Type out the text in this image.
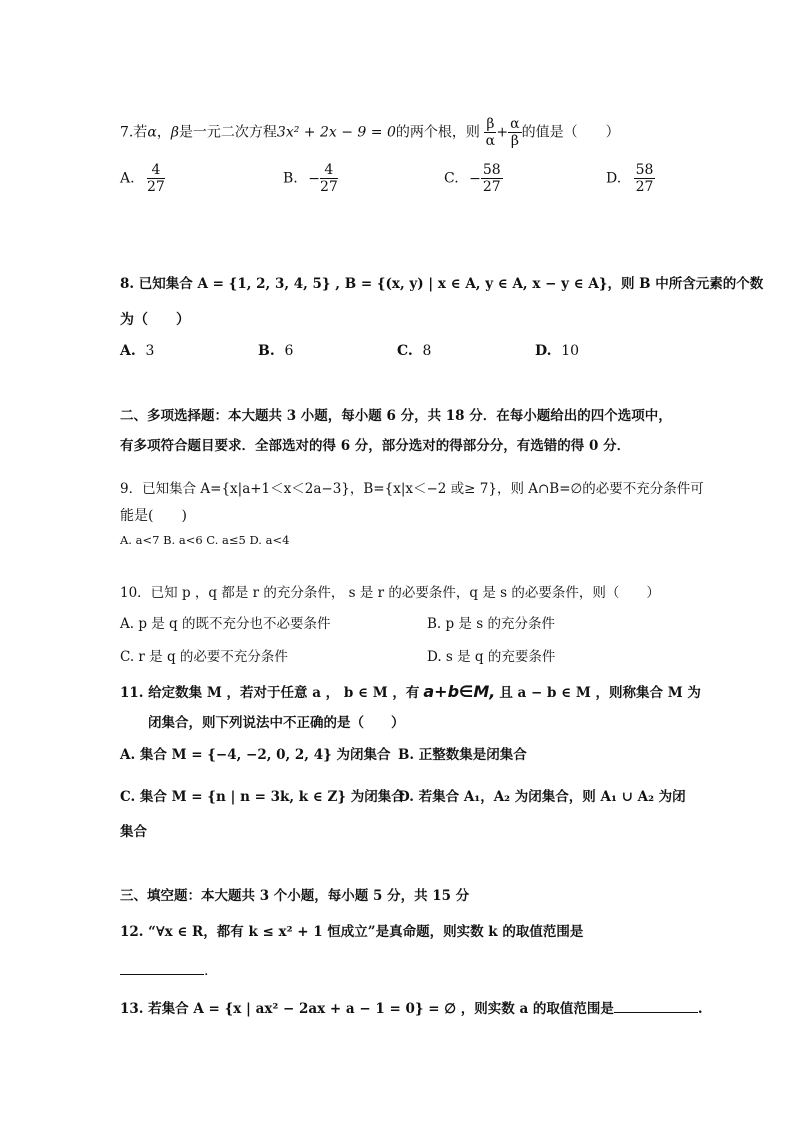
7.若α，β是一元二次方程3x² + 2x − 9 = 0的两个根，则 $\frac{\beta}{\alpha} + \frac{\alpha}{\beta}$ 的值是（　　）
A. $\frac{4}{27}$	B. − $\frac{4}{27}$	C. − $\frac{58}{27}$	D. $\frac{58}{27}$
8. 已知集合 A = {1, 2, 3, 4, 5} , B = {(x, y) | x ∈ A, y ∈ A, x − y ∈ A}，则 B 中所含元素的个数
为（　　）
A. 3	B. 6	C. 8	D. 10
二、多项选择题：本大题共 3 小题，每小题 6 分，共 18 分．在每小题给出的四个选项中，
有多项符合题目要求．全部选对的得 6 分，部分选对的得部分分，有选错的得 0 分．
9．已知集合 A={x|a+1＜x＜2a−3}，B={x|x＜−2 或≥ 7}，则 A∩B=∅的必要不充分条件可
能是(　　)
A. a<7 B. a<6 C. a≤5 D. a<4
10．已知 p ，q 都是 r 的充分条件， s 是 r 的必要条件，q 是 s 的必要条件，则（　　）
A. p 是 q 的既不充分也不必要条件	B. p 是 s 的充分条件
C. r 是 q 的必要不充分条件	D. s 是 q 的充要条件
11. 给定数集 M ，若对于任意 a ， b ∈ M ，有 a+b∈M, 且 a − b ∈ M ，则称集合 M 为
闭集合，则下列说法中不正确的是（　　）
A. 集合 M = {−4, −2, 0, 2, 4} 为闭集合 B. 正整数集是闭集合
C. 集合 M = {n | n = 3k, k ∈ Z} 为闭集合
D. 若集合 A₁，A₂ 为闭集合，则 A₁ ∪ A₂ 为闭
集合
三、填空题：本大题共 3 个小题，每小题 5 分，共 15 分
12. “∀x ∈ R，都有 k ≤ x² + 1 恒成立”是真命题，则实数 k 的取值范围是
.
13. 若集合 A = {x | ax² − 2ax + a − 1 = 0} = ∅ ，则实数 a 的取值范围是	.
